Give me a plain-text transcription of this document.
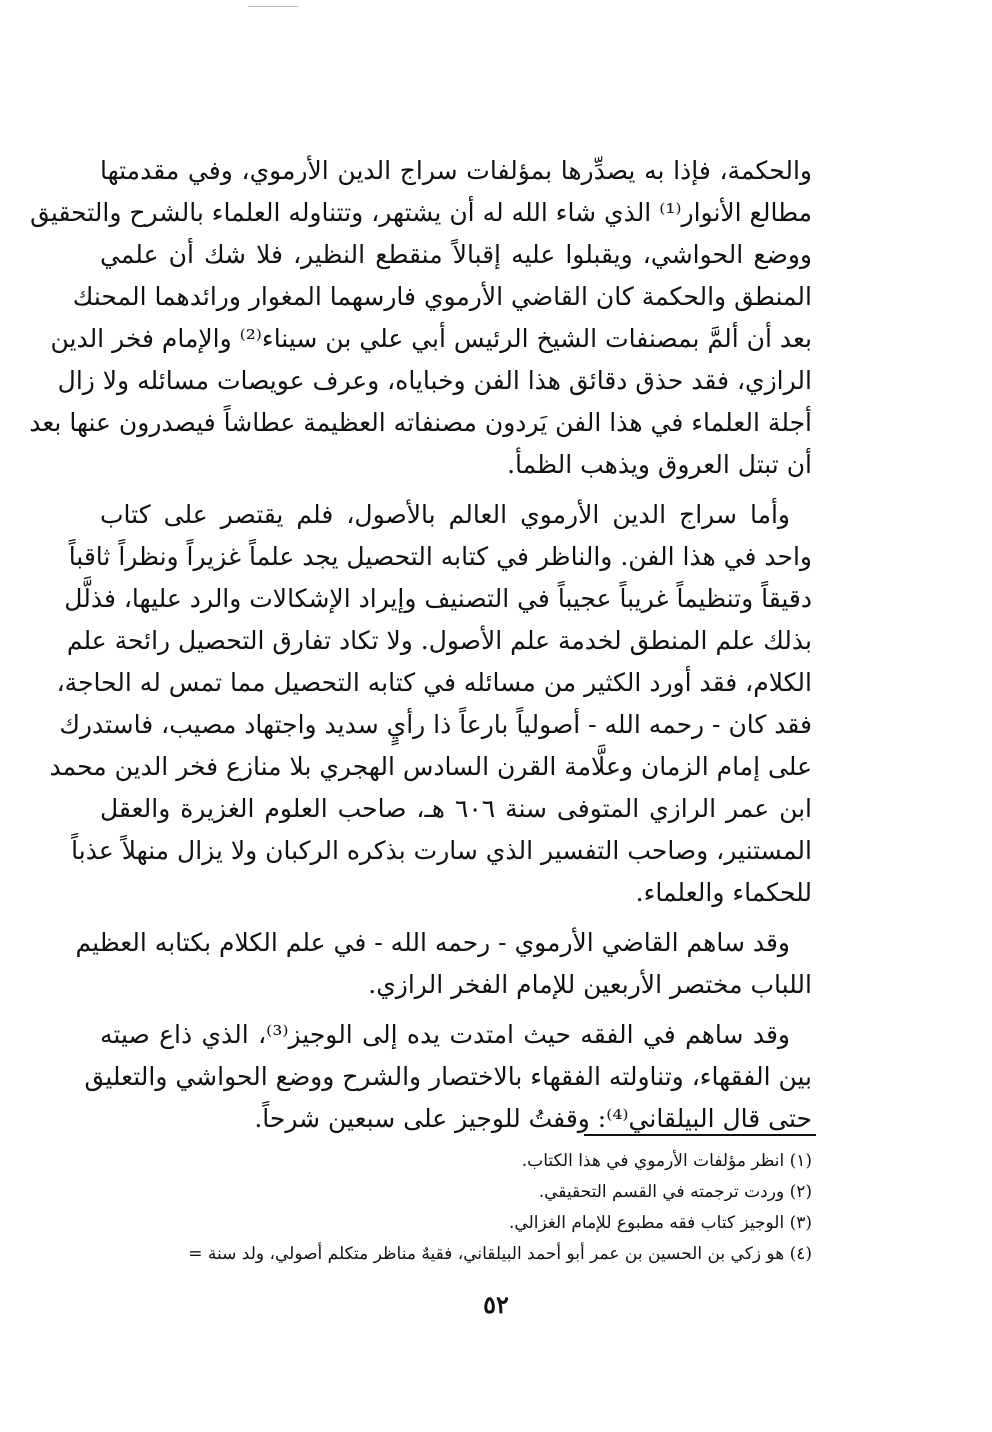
والحكمة، فإذا به يصدِّرها بمؤلفات سراج الدين الأرموي، وفي مقدمتها
مطالع الأنوار⁽¹⁾ الذي شاء الله له أن يشتهر، وتتناوله العلماء بالشرح والتحقيق
ووضع الحواشي، ويقبلوا عليه إقبالاً منقطع النظير، فلا شك أن علمي
المنطق والحكمة كان القاضي الأرموي فارسهما المغوار ورائدهما المحنك
بعد أن ألمَّ بمصنفات الشيخ الرئيس أبي علي بن سيناء⁽²⁾ والإمام فخر الدين
الرازي، فقد حذق دقائق هذا الفن وخباياه، وعرف عويصات مسائله ولا زال
أجلة العلماء في هذا الفن يَردون مصنفاته العظيمة عطاشاً فيصدرون عنها بعد
أن تبتل العروق ويذهب الظمأ.
وأما سراج الدين الأرموي العالم بالأصول، فلم يقتصر على كتاب
واحد في هذا الفن. والناظر في كتابه التحصيل يجد علماً غزيراً ونظراً ثاقباً
دقيقاً وتنظيماً غريباً عجيباً في التصنيف وإيراد الإشكالات والرد عليها، فذلَّل
بذلك علم المنطق لخدمة علم الأصول. ولا تكاد تفارق التحصيل رائحة علم
الكلام، فقد أورد الكثير من مسائله في كتابه التحصيل مما تمس له الحاجة،
فقد كان - رحمه الله - أصولياً بارعاً ذا رأيٍ سديد واجتهاد مصيب، فاستدرك
على إمام الزمان وعلَّامة القرن السادس الهجري بلا منازع فخر الدين محمد
ابن عمر الرازي المتوفى سنة ٦٠٦ هـ، صاحب العلوم الغزيرة والعقل
المستنير، وصاحب التفسير الذي سارت بذكره الركبان ولا يزال منهلاً عذباً
للحكماء والعلماء.
وقد ساهم القاضي الأرموي - رحمه الله - في علم الكلام بكتابه العظيم
اللباب مختصر الأربعين للإمام الفخر الرازي.
وقد ساهم في الفقه حيث امتدت يده إلى الوجيز⁽³⁾، الذي ذاع صيته
بين الفقهاء، وتناولته الفقهاء بالاختصار والشرح ووضع الحواشي والتعليق
حتى قال البيلقاني⁽⁴⁾: وقفتُ للوجيز على سبعين شرحاً.
(١) انظر مؤلفات الأرموي في هذا الكتاب.
(٢) وردت ترجمته في القسم التحقيقي.
(٣) الوجيز كتاب فقه مطبوع للإمام الغزالي.
(٤) هو زكي بن الحسين بن عمر أبو أحمد البيلقاني، فقيهٌ مناظر متكلم أصولي، ولد سنة =
٥٢
